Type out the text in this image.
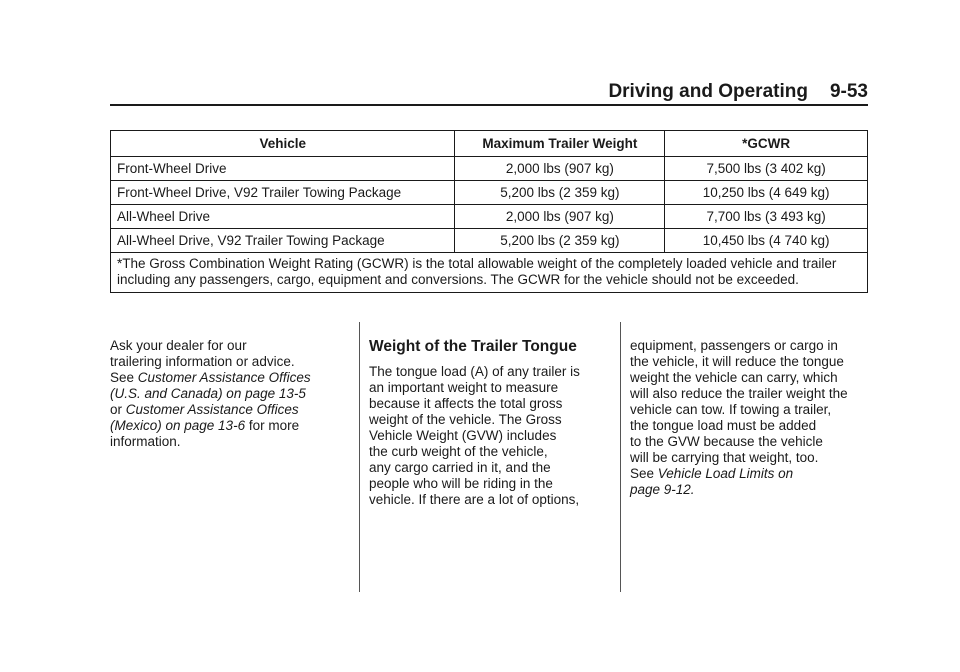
Driving and Operating 9-53
Vehicle	Maximum Trailer Weight	*GCWR
Front-Wheel Drive	2,000 lbs (907 kg)	7,500 lbs (3 402 kg)
Front-Wheel Drive, V92 Trailer Towing Package	5,200 lbs (2 359 kg)	10,250 lbs (4 649 kg)
All-Wheel Drive	2,000 lbs (907 kg)	7,700 lbs (3 493 kg)
All-Wheel Drive, V92 Trailer Towing Package	5,200 lbs (2 359 kg)	10,450 lbs (4 740 kg)
*The Gross Combination Weight Rating (GCWR) is the total allowable weight of the completely loaded vehicle and trailer including any passengers, cargo, equipment and conversions. The GCWR for the vehicle should not be exceeded.		

Ask your dealer for our
trailering information or advice.
See Customer Assistance Offices
(U.S. and Canada) on page 13-5
or Customer Assistance Offices
(Mexico) on page 13-6 for more
information.

Weight of the Trailer Tongue

The tongue load (A) of any trailer is
an important weight to measure
because it affects the total gross
weight of the vehicle. The Gross
Vehicle Weight (GVW) includes
the curb weight of the vehicle,
any cargo carried in it, and the
people who will be riding in the
vehicle. If there are a lot of options,

equipment, passengers or cargo in
the vehicle, it will reduce the tongue
weight the vehicle can carry, which
will also reduce the trailer weight the
vehicle can tow. If towing a trailer,
the tongue load must be added
to the GVW because the vehicle
will be carrying that weight, too.
See Vehicle Load Limits on
page 9-12.
